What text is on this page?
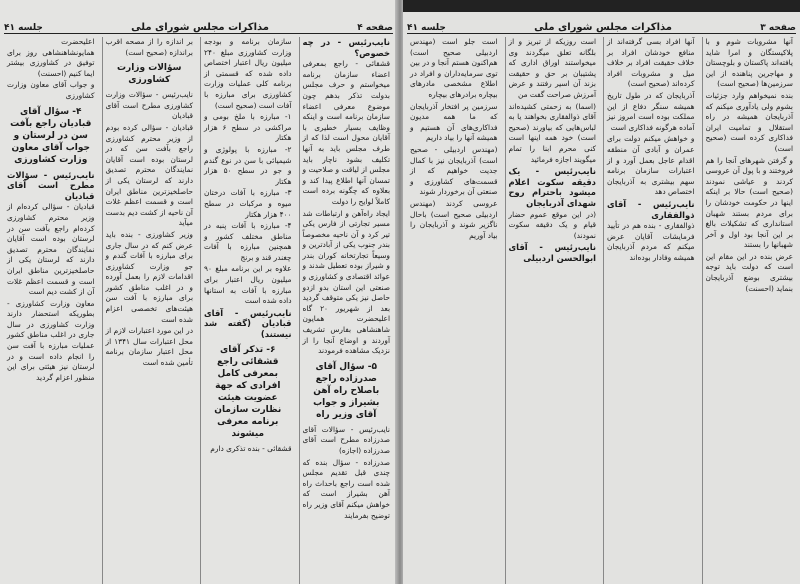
جلسه ۴۱	مذاکرات مجلس شورای ملی	صفحه ۴

نایب‌رئیس - در چه خصوص؟

قشقائی - راجع بمعرفی اعضاء سازمان برنامه میخواستم و حرف مجلس بدولت تذکر بدهم چون موضوع معرفی اعضاء سازمان برنامه است و اینکه وظایف بسیار خطیری با آقایان محول است لذا که از طرف مجلس باید به آنها تکلیف بشود ناچار باید مجلس از لیاقت و صلاحیت و تمسان آنها اطلاع پیدا کند و بعلاوه که چگونه برده است کاملاً لوایح را دولت

ایجاد راه‌آهن و ارتباطات شد مسیر تجارتی از فارس یکی تیر کرد و آن ناحیه مخصوصاً بندر جنوب یکی از آبادترین و وسیعاً تجارتخانه کوران بندر و شیراز بوده تعطیل شدند و عوائد اقتصادی و کشاورزی و صنعتی این استان بدو ازدو حاصل نیز یکی متوقف گردید بعد از شهریور ۲۰ گاه اعلیحضرت همایون شاهنشاهی بفارس تشریف آوردند و اوضاع آنجا را از نزدیک مشاهده فرمودند

۵- سؤال آقای صدرزاده راجع باصلاح راه آهن بشیراز و جواب آقای وزیر راه

نایب‌رئیس - سؤالات آقای صدرزاده مطرح است آقای صدرزاده (اجازه)

صدرزاده - سؤال بنده که چندی قبل تقدیم مجلس شده است راجع باحداث راه آهن بشیراز است که خواهش میکنم آقای وزیر راه توضیح بفرمایند

سازمان برنامه و بودجه وزارت کشاورزی مبلغ ۲۴۰ میلیون ریال اعتبار اختصاص داده شده که قسمتی از برنامه کلی عملیات وزارت کشاورزی برای مبارزه با آفات است (صحیح است)

۱- مبارزه با ملخ بومی و مراکشی در سطح ۶ هزار هکتار

۲- مبارزه با پولوژی و شیمیائی با سن در نوع گندم و جو در سطح ۵۰ هزار هکتار

۳- مبارزه با آفات درختان میوه و مرکبات در سطح ۴۰۰ هزار هکتار

۴- مبارزه با آفات پنبه در مناطق مختلف کشور و همچنین مبارزه با آفات چغندر قند و برنج

علاوه بر این برنامه مبلغ ۹۰ میلیون ریال اعتبار برای مبارزه با آفات به استانها داده شده است

نایب‌رئیس - آقای قبادیان (گفته شد نیستند)

۶- تذکر آقای قشقائی راجع بمعرفی کامل افرادی که جهة عضویت هیئت نظارت سازمان برنامه معرفی میشوند

قشقائی - بنده تذکری دارم

بر اندازه را از مصحه اقرب براندازه (صحیح است)

سؤالات وزارت کشاورزی

نایب‌رئیس - سؤالات وزارت کشاورزی مطرح است آقای قبادیان

قبادیان - سؤالی کرده بودم از وزیر محترم کشاورزی راجع بآفت سن که در لرستان بوده است آقایان نمایندگان محترم تصدیق دارند که لرستان یکی از حاصلخیزترین مناطق ایران است و قسمت اعظم غلات آن ناحیه از کشت دیم بدست میآید

وزیر کشاورزی - بنده باید عرض کنم که در سال جاری برای مبارزه با آفات گندم و جو وزارت کشاورزی اقدامات لازم را بعمل آورده و در اغلب مناطق کشور برای مبارزه با آفت سن هیئت‌های تخصصی اعزام شده است

در این مورد اعتبارات لازم از محل اعتبارات سال ۱۳۴۱ از محل اعتبار سازمان برنامه تأمین شده است

اعلیحضرت همایونشاهنشاهی روز برای توفیق در کشاورزی بیشتر ایما کنیم (احسنت)

و جواب آقای معاون وزارت کشاورزی

۴- سؤال آقای قبادیان راجع بآفت سن در لرستان و جواب آقای معاون وزارت کشاورزی

نایب‌رئیس - سؤالات مطرح است آقای قبادیان

قبادیان - سؤالی کرده‌ام از وزیر محترم کشاورزی کرده‌ام راجع بآفت سن در لرستان بوده است آقایان نمایندگان محترم تصدیق دارند که لرستان یکی از حاصلخیزترین مناطق ایران است و قسمت اعظم غلات آن از کشت دیم است

معاون وزارت کشاورزی - بطوریکه استحضار دارند وزارت کشاورزی در سال جاری در اغلب مناطق کشور عملیات مبارزه با آفت سن را انجام داده است و در لرستان نیز هیئتی برای این منظور اعزام گردید

جلسه ۴۱	مذاکرات مجلس شورای ملی	صفحه ۳

آنها مشروبات شوم و با پلاکیستگان و امرا شاید یافته‌اند پاکستان و بلوچستان و مهاجرین پناهنده از این سرزمین‌ها (صحیح است)

بنده نمیخواهم وارد جزئیات بشوم ولی یادآوری میکنم که آذربایجان همیشه در راه استقلال و تمامیت ایران فداکاری کرده است (صحیح است)

و گرفتن شهرهای آنجا را هم فروختند و با پول آن عروسی کردند و عیاشی نمودند (صحیح است) حالا بر اینکه اینها در حکومت خودشان را برای مردم بستند شهبان استانداری که تشکیلات بالغ بر این آنجا بود اول و آخر شهبانها را بستند

عرض بنده در این مقام این است که دولت باید توجه بیشتری بوضع آذربایجان بنماید (احسنت)

آنها افراد بسی گرفته‌اند از منافع خودشان افراد بر خلاف حقیقت افراد بر خلاف میل و مشروبات افراد کرده‌اند (صحیح است)

آذربایجان که در طول تاریخ همیشه سنگر دفاع از این مملکت بوده است امروز نیز آماده هرگونه فداکاری است

و خواهش میکنم دولت برای عمران و آبادی آن منطقه اقدام عاجل بعمل آورد و از اعتبارات سازمان برنامه سهم بیشتری به آذربایجان اختصاص دهد

نایب‌رئیس - آقای ذوالفقاری

ذوالفقاری - بنده هم در تأیید فرمایشات آقایان عرض میکنم که مردم آذربایجان همیشه وفادار بوده‌اند

است روزیکه از تبریز و از بلگانه تعلق میگردند وی میخواستند اوراق اداری که پشتیبان بر حق و حقیقت بزند آن اسیر رفتند و عرض آمرزش صراحت گفت من

(اسما) به زحمتی کشیده‌اند آقای ذوالفقاری بخواهند یا به لباس‌هایی که بیاورند (صحیح است) خود همه اینها است کنی محرم ابنا را تمام میگویند اجازه فرمائید

نایب‌رئیس - یک دقیقه سکوت اعلام میشود باحترام روح شهدای آذربایجان

(در این موقع عموم حضار قیام و یک دقیقه سکوت نمودند)

نایب‌رئیس - آقای ابوالحسن اردبیلی

است جلو است (مهندس اردبیلی صحیح است) هم‌اکنون هستم آنجا و در بین توی سرمایه‌داران و افراد در اطلاع مشخصی مادرهای بیچاره برادرهای بیچاره

سرزمین پر افتخار آذربایجان که ما همه مدیون فداکاری‌های آن هستیم و همیشه آنها را بیاد داریم

(مهندس اردبیلی - صحیح است) آذربایجان نیز با کمال جدیت خواهیم که از قسمت‌های کشاورزی و صنعتی آن برخوردار شوند

عروسی کردند (مهندس اردبیلی صحیح است) باحال ناگزیر شوند و آذربایجان را بیاد آوریم
